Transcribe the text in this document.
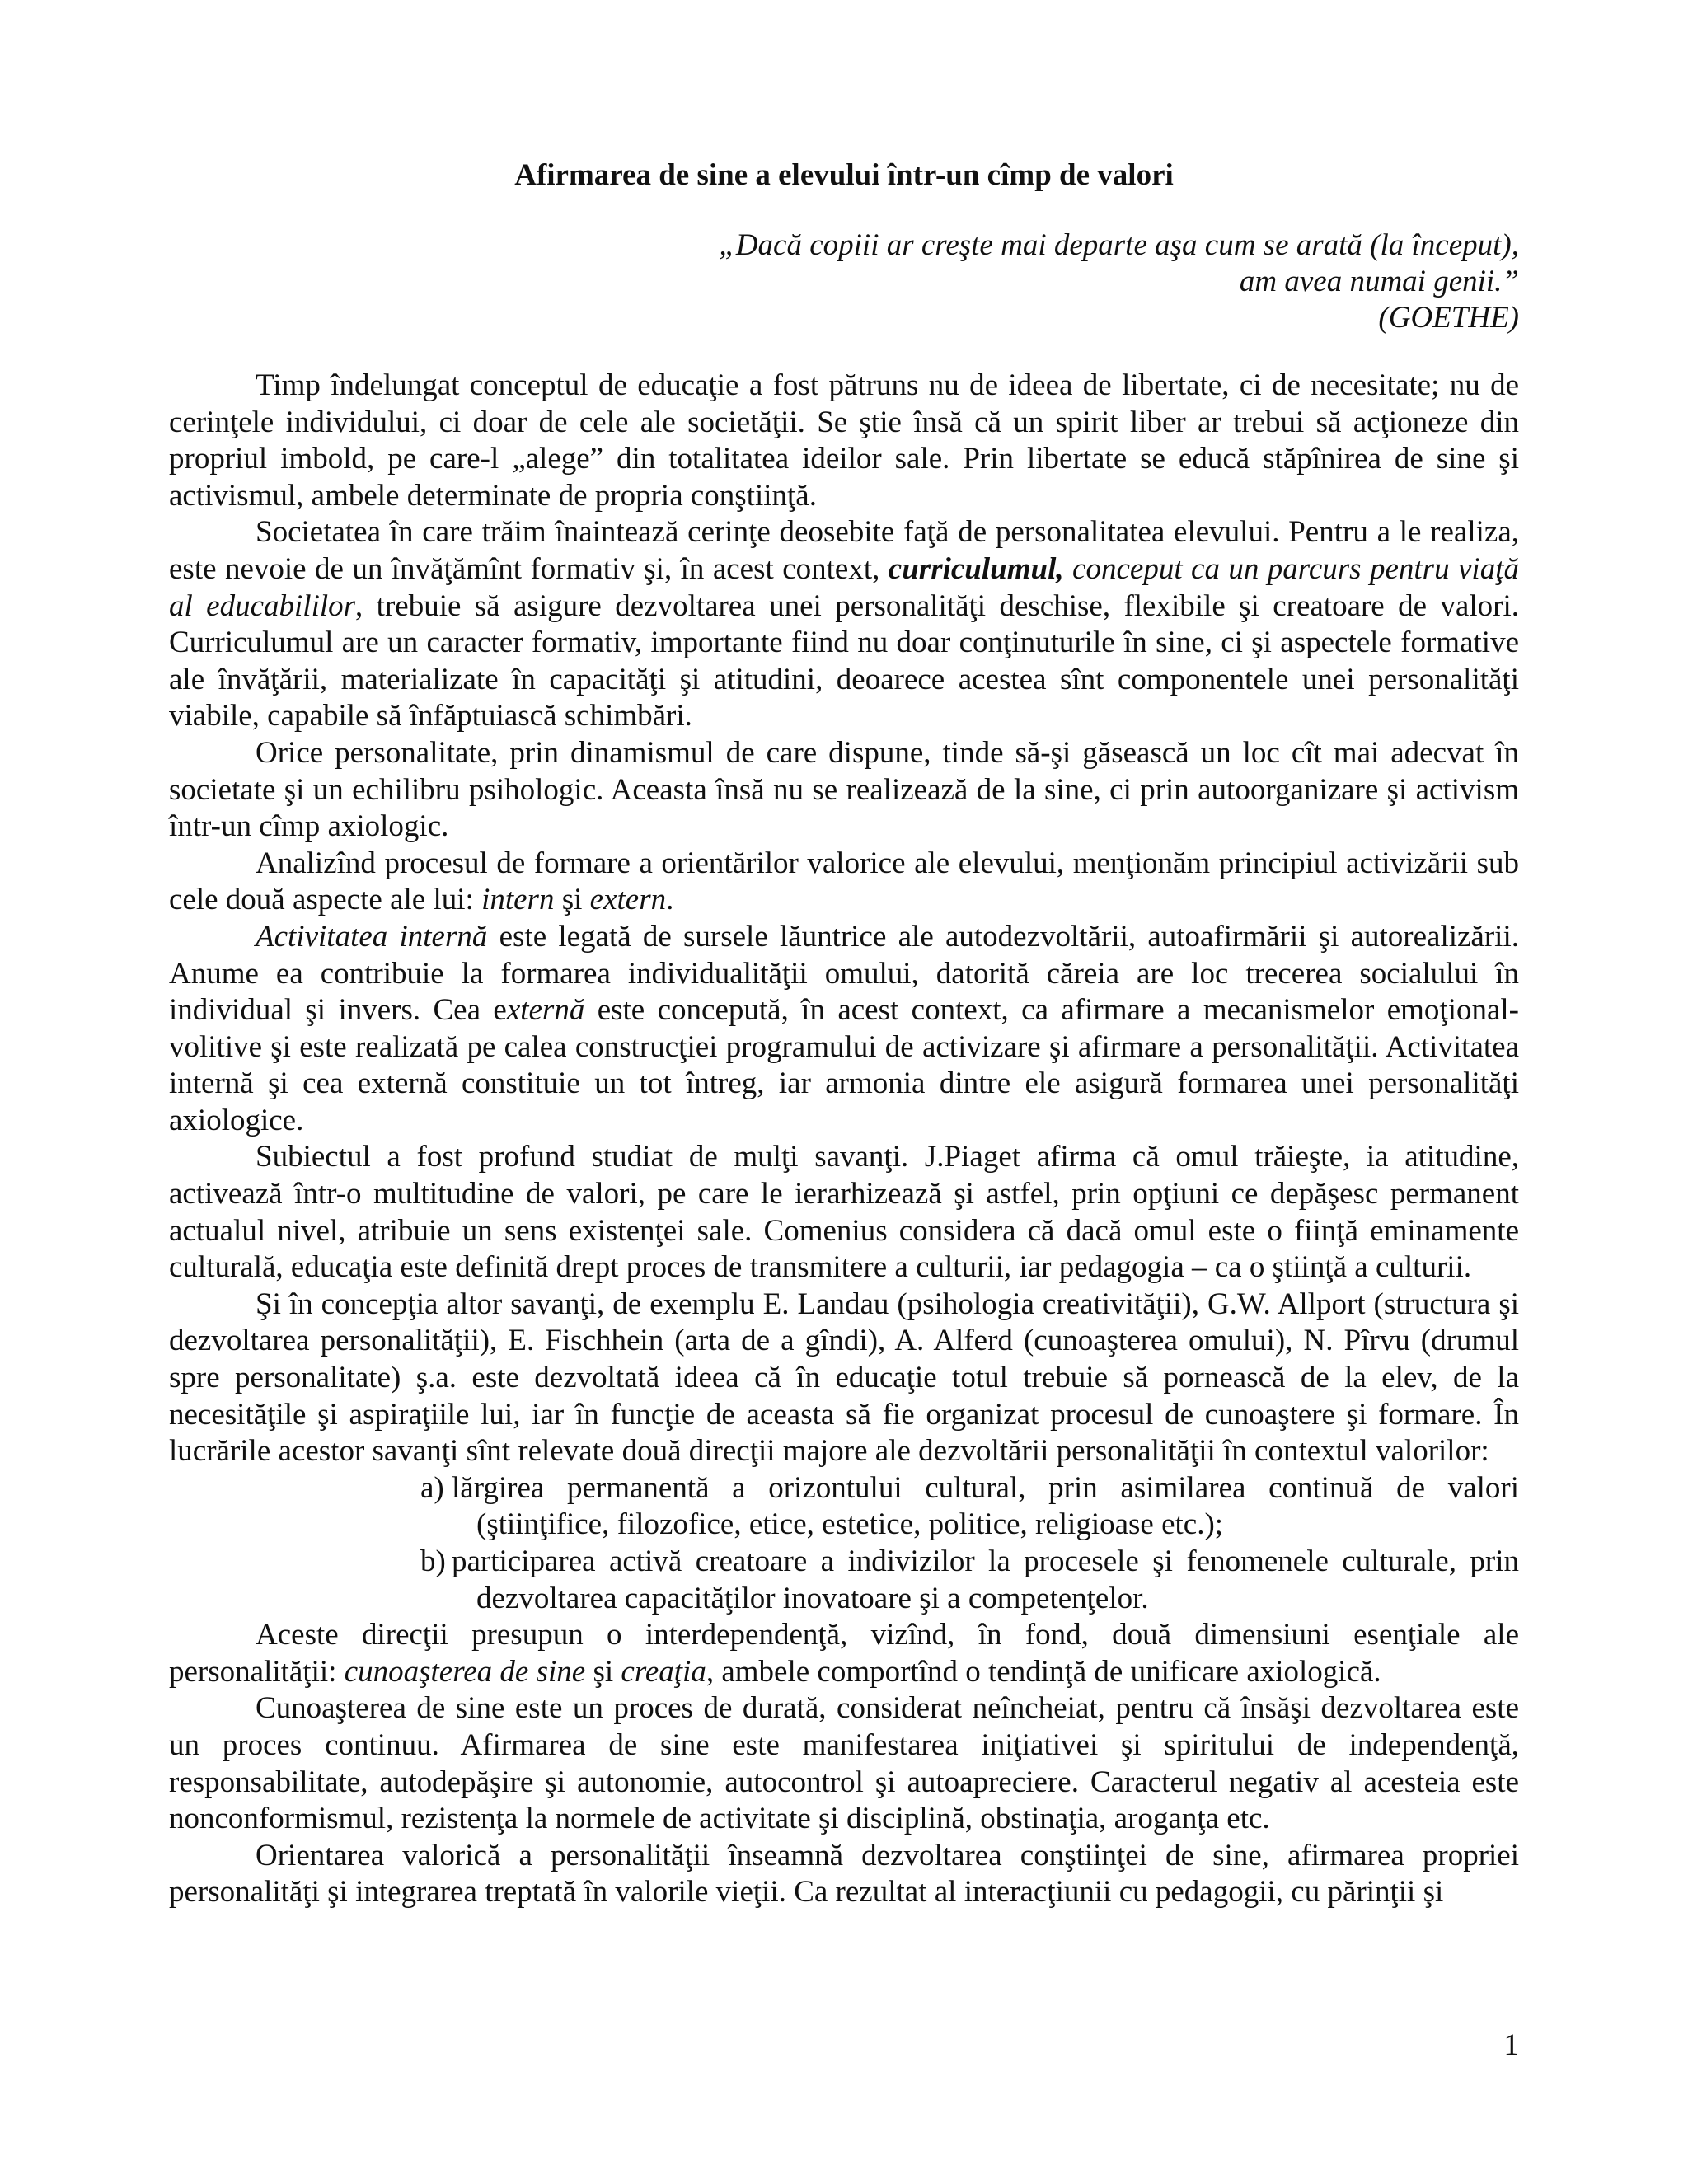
Afirmarea de sine a elevului într-un cîmp de valori
„Dacă copiii ar creşte mai departe aşa cum se arată (la început),
am avea numai genii.”
(GOETHE)

Timp îndelungat conceptul de educaţie a fost pătruns nu de ideea de libertate, ci de necesitate; nu de cerinţele individului, ci doar de cele ale societăţii. Se ştie însă că un spirit liber ar trebui să acţioneze din propriul imbold, pe care-l „alege” din totalitatea ideilor sale. Prin libertate se educă stăpînirea de sine şi activismul, ambele determinate de propria conştiinţă.

Societatea în care trăim înaintează cerinţe deosebite faţă de personalitatea elevului. Pentru a le realiza, este nevoie de un învăţămînt formativ şi, în acest context, curriculumul, conceput ca un parcurs pentru viaţă al educabililor, trebuie să asigure dezvoltarea unei personalităţi deschise, flexibile şi creatoare de valori. Curriculumul are un caracter formativ, importante fiind nu doar conţinuturile în sine, ci şi aspectele formative ale învăţării, materializate în capacităţi şi atitudini, deoarece acestea sînt componentele unei personalităţi viabile, capabile să înfăptuiască schimbări.

Orice personalitate, prin dinamismul de care dispune, tinde să-şi găsească un loc cît mai adecvat în societate şi un echilibru psihologic. Aceasta însă nu se realizează de la sine, ci prin autoorganizare şi activism într-un cîmp axiologic.

Analizînd procesul de formare a orientărilor valorice ale elevului, menţionăm principiul activizării sub cele două aspecte ale lui: intern şi extern.

Activitatea internă este legată de sursele lăuntrice ale autodezvoltării, autoafirmării şi autorealizării. Anume ea contribuie la formarea individualităţii omului, datorită căreia are loc trecerea socialului în individual şi invers. Cea externă este concepută, în acest context, ca afirmare a mecanismelor emoţional-volitive şi este realizată pe calea construcţiei programului de activizare şi afirmare a personalităţii. Activitatea internă şi cea externă constituie un tot întreg, iar armonia dintre ele asigură formarea unei personalităţi axiologice.

Subiectul a fost profund studiat de mulţi savanţi. J.Piaget afirma că omul trăieşte, ia atitudine, activează într-o multitudine de valori, pe care le ierarhizează şi astfel, prin opţiuni ce depăşesc permanent actualul nivel, atribuie un sens existenţei sale. Comenius considera că dacă omul este o fiinţă eminamente culturală, educaţia este definită drept proces de transmitere a culturii, iar pedagogia – ca o ştiinţă a culturii.

Şi în concepţia altor savanţi, de exemplu E. Landau (psihologia creativităţii), G.W. Allport (structura şi dezvoltarea personalităţii), E. Fischhein (arta de a gîndi), A. Alferd (cunoaşterea omului), N. Pîrvu (drumul spre personalitate) ş.a. este dezvoltată ideea că în educaţie totul trebuie să pornească de la elev, de la necesităţile şi aspiraţiile lui, iar în funcţie de aceasta să fie organizat procesul de cunoaştere şi formare. În lucrările acestor savanţi sînt relevate două direcţii majore ale dezvoltării personalităţii în contextul valorilor:

a) lărgirea permanentă a orizontului cultural, prin asimilarea continuă de valori (ştiinţifice, filozofice, etice, estetice, politice, religioase etc.);
b) participarea activă creatoare a indivizilor la procesele şi fenomenele culturale, prin dezvoltarea capacităţilor inovatoare şi a competenţelor.

Aceste direcţii presupun o interdependenţă, vizînd, în fond, două dimensiuni esenţiale ale personalităţii: cunoaşterea de sine şi creaţia, ambele comportînd o tendinţă de unificare axiologică.

Cunoaşterea de sine este un proces de durată, considerat neîncheiat, pentru că însăşi dezvoltarea este un proces continuu. Afirmarea de sine este manifestarea iniţiativei şi spiritului de independenţă, responsabilitate, autodepăşire şi autonomie, autocontrol şi autoapreciere. Caracterul negativ al acesteia este nonconformismul, rezistenţa la normele de activitate şi disciplină, obstinaţia, aroganţa etc.

Orientarea valorică a personalităţii înseamnă dezvoltarea conştiinţei de sine, afirmarea propriei personalităţi şi integrarea treptată în valorile vieţii. Ca rezultat al interacţiunii cu pedagogii, cu părinţii şi

1
